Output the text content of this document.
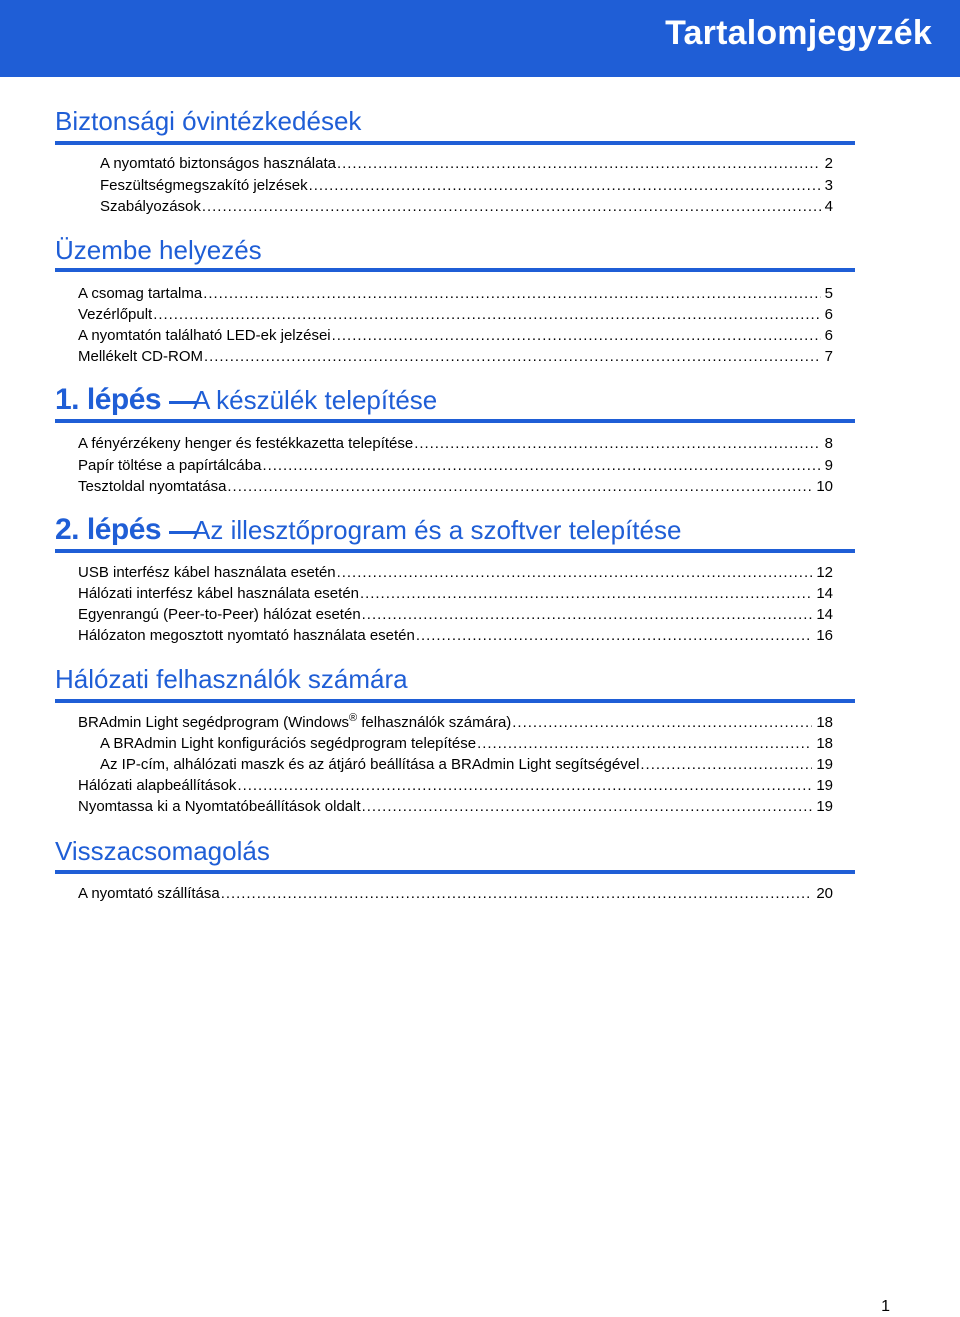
Tartalomjegyzék
Biztonsági óvintézkedések
A nyomtató biztonságos használata . . .	2
Feszültségmegszakító jelzések . . .	3
Szabályozások . . .	4
Üzembe helyezés
A csomag tartalma . . .	5
Vezérlőpult . . .	6
A nyomtatón található LED-ek jelzései . . .	6
Mellékelt CD-ROM . . .	7
1. lépés A készülék telepítése
A fényérzékeny henger és festékkazetta telepítése . . .	8
Papír töltése a papírtálcába . . .	9
Tesztoldal nyomtatása . . .	10
2. lépés Az illesztőprogram és a szoftver telepítése
USB interfész kábel használata esetén . . .	12
Hálózati interfész kábel használata esetén . . .	14
Egyenrangú (Peer-to-Peer) hálózat esetén . . .	14
Hálózaton megosztott nyomtató használata esetén . . .	16
Hálózati felhasználók számára
BRAdmin Light segédprogram (Windows® felhasználók számára) . . .	18
A BRAdmin Light konfigurációs segédprogram telepítése . . .	18
Az IP-cím, alhálózati maszk és az átjáró beállítása a BRAdmin Light segítségével . . .	19
Hálózati alapbeállítások . . .	19
Nyomtassa ki a Nyomtatóbeállítások oldalt . . .	19
Visszacsomagolás
A nyomtató szállítása . . .	20
1
